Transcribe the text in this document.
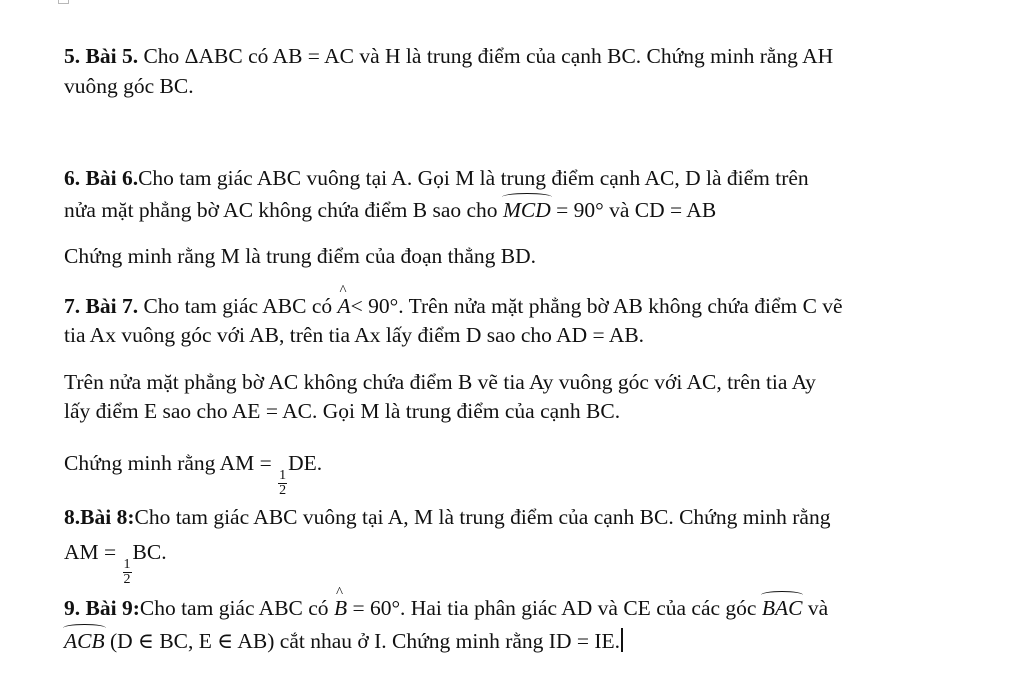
5. Bài 5. Cho ΔABC có AB = AC và H là trung điểm của cạnh BC. Chứng minh rằng AH
vuông góc BC.
6. Bài 6.Cho tam giác ABC vuông tại A. Gọi M là trung điểm cạnh AC, D là điểm trên
nửa mặt phẳng bờ AC không chứa điểm B sao cho MCD = 90° và CD = AB
Chứng minh rằng M là trung điểm của đoạn thẳng BD.
7. Bài 7. Cho tam giác ABC có ^ A< 90°. Trên nửa mặt phẳng bờ AB không chứa điểm C vẽ
tia Ax vuông góc với AB, trên tia Ax lấy điểm D sao cho AD = AB.
Trên nửa mặt phẳng bờ AC không chứa điểm B vẽ tia Ay vuông góc với AC, trên tia Ay
lấy điểm E sao cho AE = AC. Gọi M là trung điểm của cạnh BC.
Chứng minh rằng AM =
$\frac{1}{2}$
DE.
8.Bài 8:Cho tam giác ABC vuông tại A, M là trung điểm của cạnh BC. Chứng minh rằng
AM =
$\frac{1}{2}$
BC.
9. Bài 9:Cho tam giác ABC có ^ B = 60°. Hai tia phân giác AD và CE của các góc BAC và
ACB (D ∈ BC, E ∈ AB) cắt nhau ở I. Chứng minh rằng ID = IE.
